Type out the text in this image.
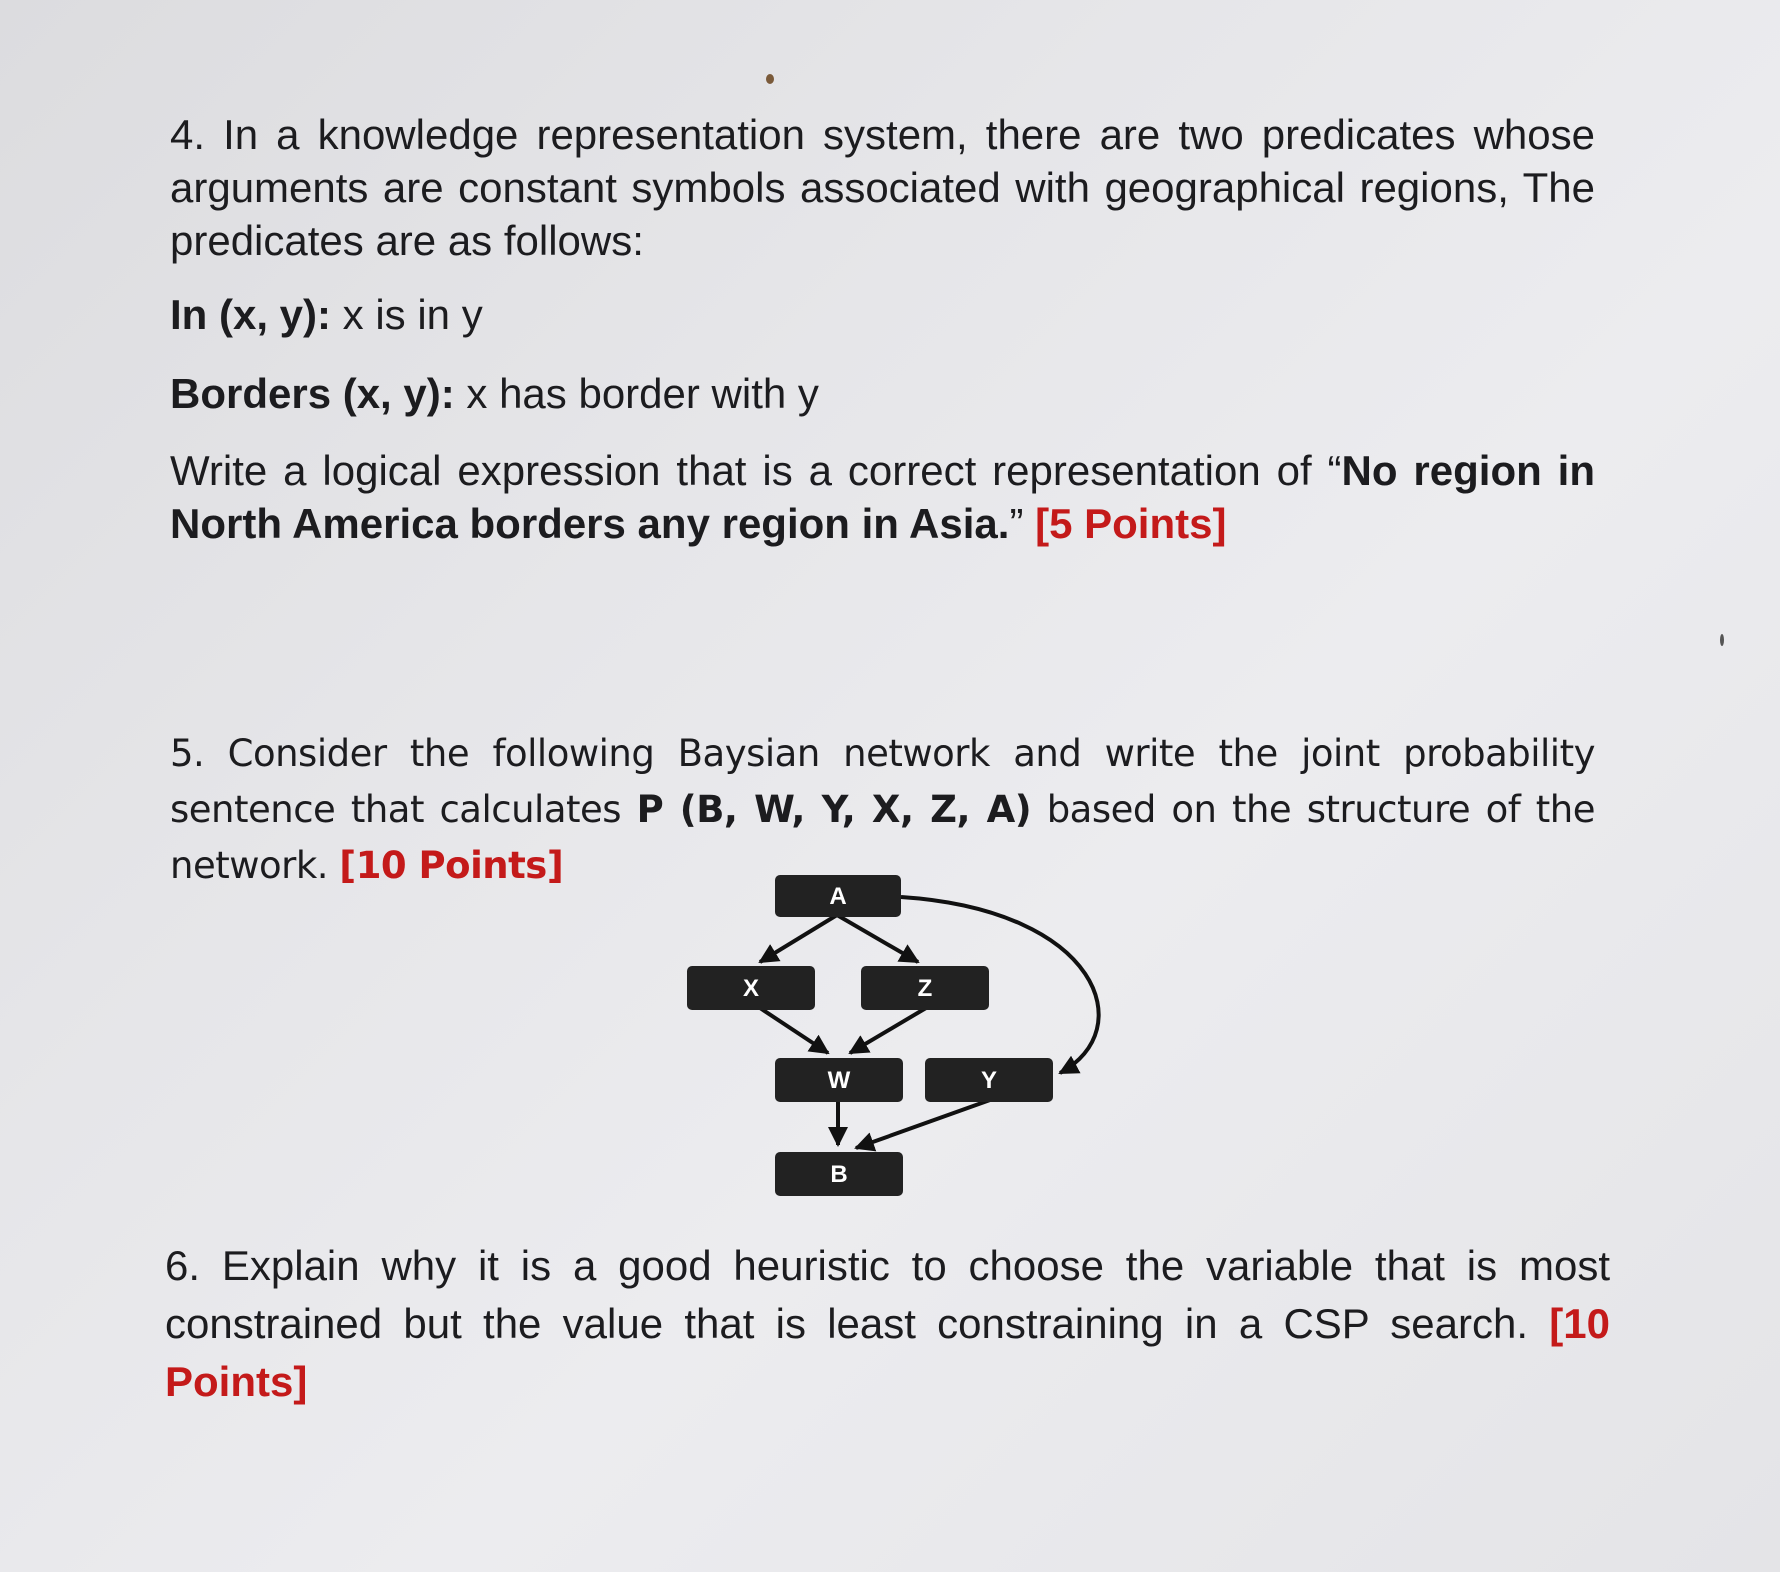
4. In a knowledge representation system, there are two predicates whose arguments are constant symbols associated with geographical regions, The predicates are as follows:

In (x, y): x is in y

Borders (x, y): x has border with y

Write a logical expression that is a correct representation of “No region in North America borders any region in Asia.” [5 Points]

5. Consider the following Baysian network and write the joint probability sentence that calculates P (B, W, Y, X, Z, A) based on the structure of the network. [10 Points]

A
X	Z
W	Y
B

6. Explain why it is a good heuristic to choose the variable that is most constrained but the value that is least constraining in a CSP search. [10 Points]
